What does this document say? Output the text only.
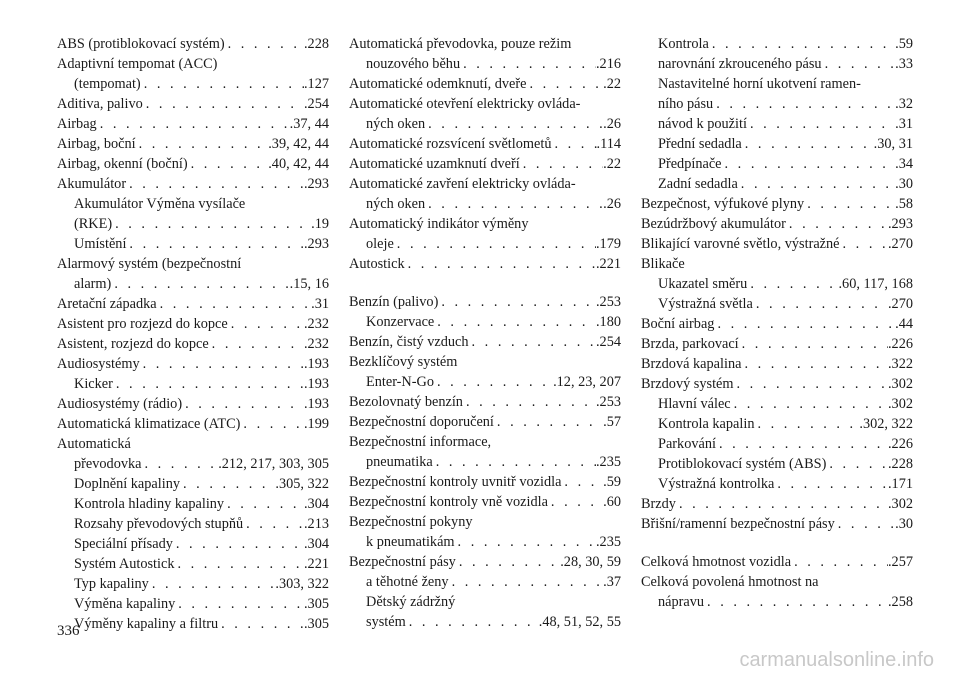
ABS (protiblokovací systém) . . .	.228
Adaptivní tempomat (ACC)
(tempomat) . . .	.127
Aditiva, palivo . . .	.254
Airbag . . .	.37, 44
Airbag, boční . . .	.39, 42, 44
Airbag, okenní (boční) . . .	.40, 42, 44
Akumulátor . . .	.293
Akumulátor Výměna vysílače
(RKE) . . .	.19
Umístění . . .	.293
Alarmový systém (bezpečnostní
alarm) . . .	.15, 16
Aretační západka . . .	.31
Asistent pro rozjezd do kopce . . .	.232
Asistent, rozjezd do kopce . . .	.232
Audiosystémy . . .	.193
Kicker . . .	.193
Audiosystémy (rádio) . . .	.193
Automatická klimatizace (ATC) . . .	.199
Automatická
převodovka . . .	.212, 217, 303, 305
Doplnění kapaliny . . .	.305, 322
Kontrola hladiny kapaliny . . .	.304
Rozsahy převodových stupňů . . .	.213
Speciální přísady . . .	.304
Systém Autostick . . .	.221
Typ kapaliny . . .	.303, 322
Výměna kapaliny . . .	.305
Výměny kapaliny a filtru . . .	.305
Automatická převodovka, pouze režim
nouzového běhu . . .	.216
Automatické odemknutí, dveře . . .	.22
Automatické otevření elektricky ovláda-
ných oken . . .	.26
Automatické rozsvícení světlometů . . .	.114
Automatické uzamknutí dveří . . .	.22
Automatické zavření elektricky ovláda-
ných oken . . .	.26
Automatický indikátor výměny
oleje . . .	.179
Autostick . . .	.221
Benzín (palivo) . . .	.253
Konzervace . . .	.180
Benzín, čistý vzduch . . .	.254
Bezklíčový systém
Enter-N-Go . . .	.12, 23, 207
Bezolovnatý benzín . . .	.253
Bezpečnostní doporučení . . .	.57
Bezpečnostní informace,
pneumatika . . .	.235
Bezpečnostní kontroly uvnitř vozidla . . .	.59
Bezpečnostní kontroly vně vozidla . . .	.60
Bezpečnostní pokyny
k pneumatikám . . .	.235
Bezpečnostní pásy . . .	.28, 30, 59
a těhotné ženy . . .	.37
Dětský zádržný
systém . . .	.48, 51, 52, 55
Kontrola . . .	.59
narovnání zkrouceného pásu . . .	.33
Nastavitelné horní ukotvení ramen-
ního pásu . . .	.32
návod k použití . . .	.31
Přední sedadla . . .	.30, 31
Předpínače . . .	.34
Zadní sedadla . . .	.30
Bezpečnost, výfukové plyny . . .	.58
Bezúdržbový akumulátor . . .	.293
Blikající varovné světlo, výstražné . . .	.270
Blikače
Ukazatel směru . . .	.60, 117, 168
Výstražná světla . . .	.270
Boční airbag . . .	.44
Brzda, parkovací . . .	.226
Brzdová kapalina . . .	.322
Brzdový systém . . .	.302
Hlavní válec . . .	.302
Kontrola kapalin . . .	.302, 322
Parkování . . .	.226
Protiblokovací systém (ABS) . . .	.228
Výstražná kontrolka . . .	.171
Brzdy . . .	.302
Břišní/ramenní bezpečnostní pásy . . .	.30
Celková hmotnost vozidla . . .	.257
Celková povolená hmotnost na
nápravu . . .	.258
336
carmanualsonline.info
